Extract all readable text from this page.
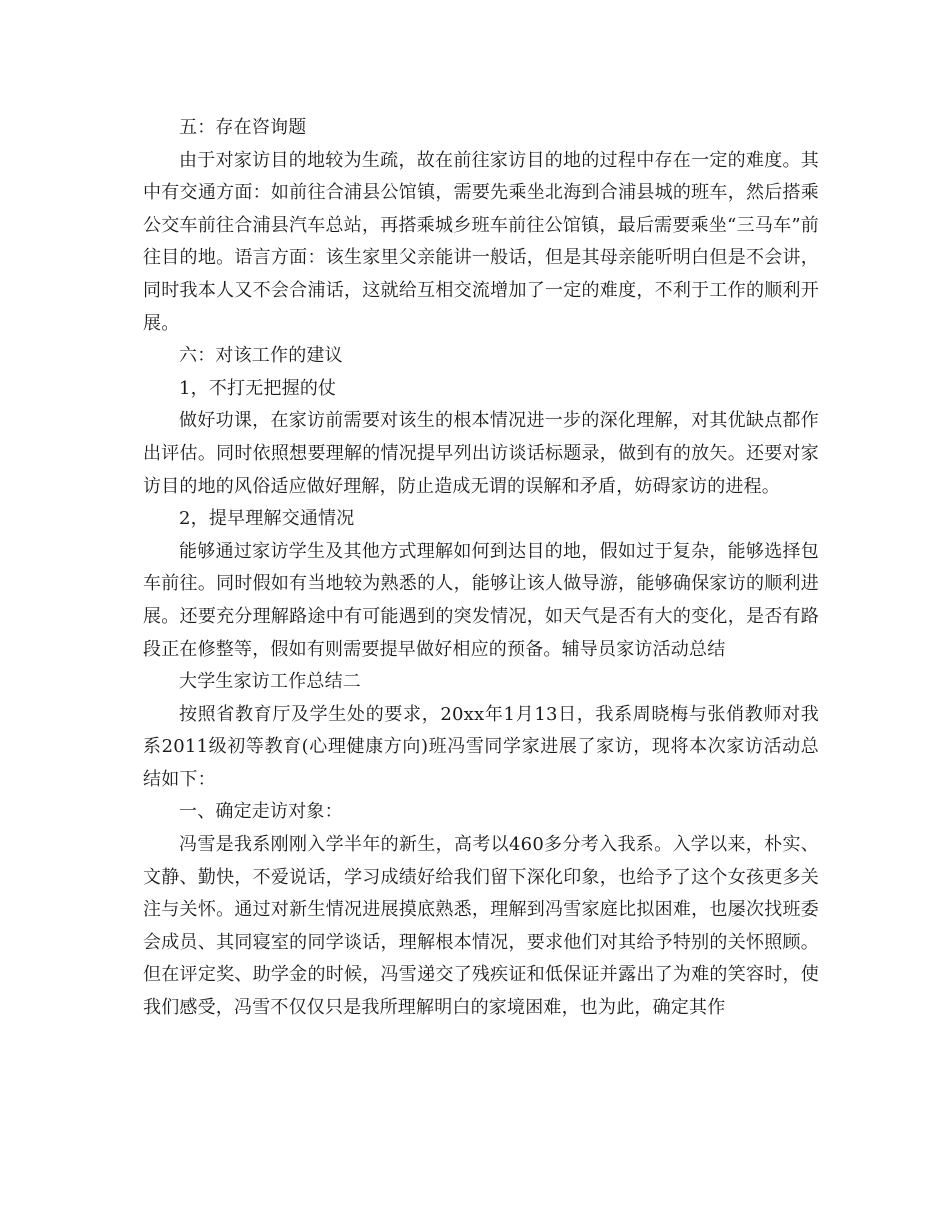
五：存在咨询题

由于对家访目的地较为生疏，故在前往家访目的地的过程中存在一定的难度。其中有交通方面：如前往合浦县公馆镇，需要先乘坐北海到合浦县城的班车，然后搭乘公交车前往合浦县汽车总站，再搭乘城乡班车前往公馆镇，最后需要乘坐“三马车”前往目的地。语言方面：该生家里父亲能讲一般话，但是其母亲能听明白但是不会讲，同时我本人又不会合浦话，这就给互相交流增加了一定的难度，不利于工作的顺利开展。

六：对该工作的建议

1，不打无把握的仗

做好功课，在家访前需要对该生的根本情况进一步的深化理解，对其优缺点都作出评估。同时依照想要理解的情况提早列出访谈话标题录，做到有的放矢。还要对家访目的地的风俗适应做好理解，防止造成无谓的误解和矛盾，妨碍家访的进程。

2，提早理解交通情况

能够通过家访学生及其他方式理解如何到达目的地，假如过于复杂，能够选择包车前往。同时假如有当地较为熟悉的人，能够让该人做导游，能够确保家访的顺利进展。还要充分理解路途中有可能遇到的突发情况，如天气是否有大的变化，是否有路段正在修整等，假如有则需要提早做好相应的预备。辅导员家访活动总结

大学生家访工作总结二

按照省教育厅及学生处的要求，20xx年1月13日，我系周晓梅与张俏教师对我系2011级初等教育(心理健康方向)班冯雪同学家进展了家访，现将本次家访活动总结如下：

一、确定走访对象：

冯雪是我系刚刚入学半年的新生，高考以460多分考入我系。入学以来，朴实、文静、勤快，不爱说话，学习成绩好给我们留下深化印象，也给予了这个女孩更多关注与关怀。通过对新生情况进展摸底熟悉，理解到冯雪家庭比拟困难，也屡次找班委会成员、其同寝室的同学谈话，理解根本情况，要求他们对其给予特别的关怀照顾。但在评定奖、助学金的时候，冯雪递交了残疾证和低保证并露出了为难的笑容时，使我们感受，冯雪不仅仅只是我所理解明白的家境困难，也为此，确定其作
